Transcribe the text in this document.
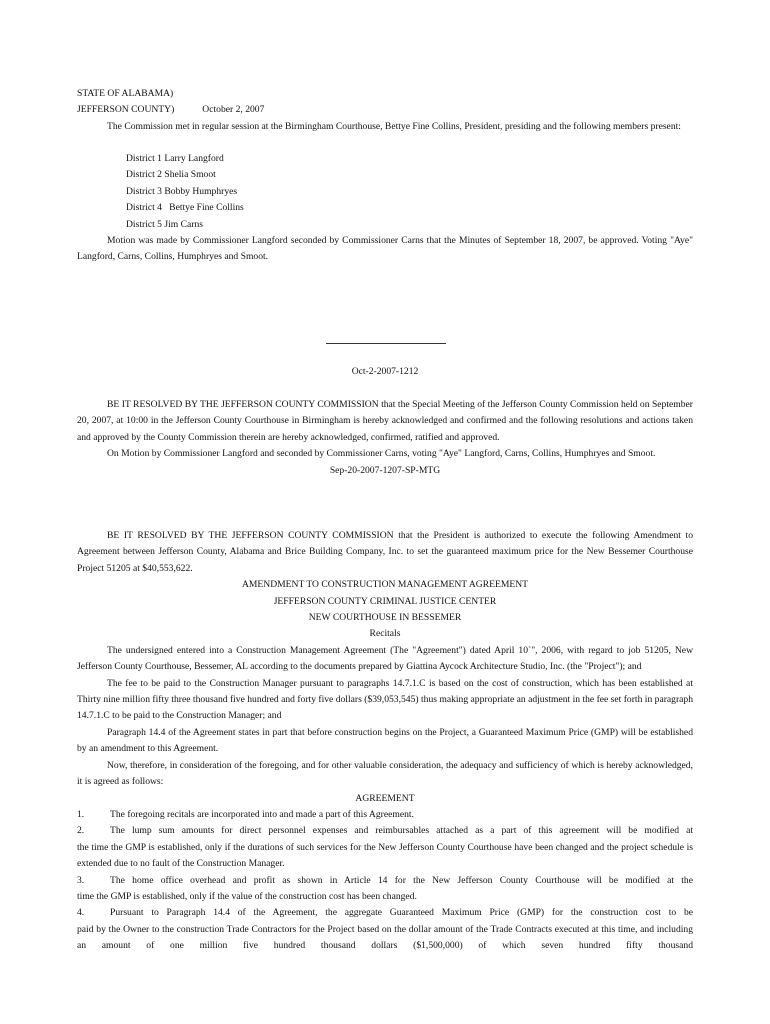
STATE OF ALABAMA)

JEFFERSON COUNTY)	October 2, 2007

The Commission met in regular session at the Birmingham Courthouse, Bettye Fine Collins, President, presiding and the following members present:

District 1 Larry Langford

District 2 Shelia Smoot

District 3 Bobby Humphryes

District 4   Bettye Fine Collins

District 5 Jim Carns

Motion was made by Commissioner Langford seconded by Commissioner Carns that the Minutes of September 18, 2007, be approved. Voting "Aye" Langford, Carns, Collins, Humphryes and Smoot.

Oct-2-2007-1212

BE IT RESOLVED BY THE JEFFERSON COUNTY COMMISSION that the Special Meeting of the Jefferson County Commission held on September 20, 2007, at 10:00 in the Jefferson County Courthouse in Birmingham is hereby acknowledged and confirmed and the following resolutions and actions taken and approved by the County Commission therein are hereby acknowledged, confirmed, ratified and approved.

On Motion by Commissioner Langford and seconded by Commissioner Carns, voting "Aye" Langford, Carns, Collins, Humphryes and Smoot.

Sep-20-2007-1207-SP-MTG

BE IT RESOLVED BY THE JEFFERSON COUNTY COMMISSION that the President is authorized to execute the following Amendment to Agreement between Jefferson County, Alabama and Brice Building Company, Inc. to set the guaranteed maximum price for the New Bessemer Courthouse Project 51205 at $40,553,622.

AMENDMENT TO CONSTRUCTION MANAGEMENT AGREEMENT

JEFFERSON COUNTY CRIMINAL JUSTICE CENTER

NEW COURTHOUSE IN BESSEMER

Recitals

The undersigned entered into a Construction Management Agreement (The "Agreement") dated April 10`", 2006, with regard to job 51205, New Jefferson County Courthouse, Bessemer, AL according to the documents prepared by Giattina Aycock Architecture Studio, Inc. (the "Project"); and

The fee to be paid to the Construction Manager pursuant to paragraphs 14.7.1.C is based on the cost of construction, which has been established at Thirty nine million fifty three thousand five hundred and forty five dollars ($39,053,545) thus making appropriate an adjustment in the fee set forth in paragraph 14.7.1.C to be paid to the Construction Manager; and

Paragraph 14.4 of the Agreement states in part that before construction begins on the Project, a Guaranteed Maximum Price (GMP) will be established by an amendment to this Agreement.

Now, therefore, in consideration of the foregoing, and for other valuable consideration, the adequacy and sufficiency of which is hereby acknowledged, it is agreed as follows:

AGREEMENT

1.	The foregoing recitals are incorporated into and made a part of this Agreement.
2.	The lump sum amounts for direct personnel expenses and reimbursables attached as a part of this agreement will be modified at

the time the GMP is established, only if the durations of such services for the New Jefferson County Courthouse have been changed and the project schedule is extended due to no fault of the Construction Manager.

3.	The home office overhead and profit as shown in Article 14 for the New Jefferson County Courthouse will be modified at the

time the GMP is established, only if the value of the construction cost has been changed.

4.	Pursuant to Paragraph 14.4 of the Agreement, the aggregate Guaranteed Maximum Price (GMP) for the construction cost to be

paid by the Owner to the construction Trade Contractors for the Project based on the dollar amount of the Trade Contracts executed at this time, and including an amount of one million five hundred thousand dollars ($1,500,000) of which seven hundred fifty thousand
